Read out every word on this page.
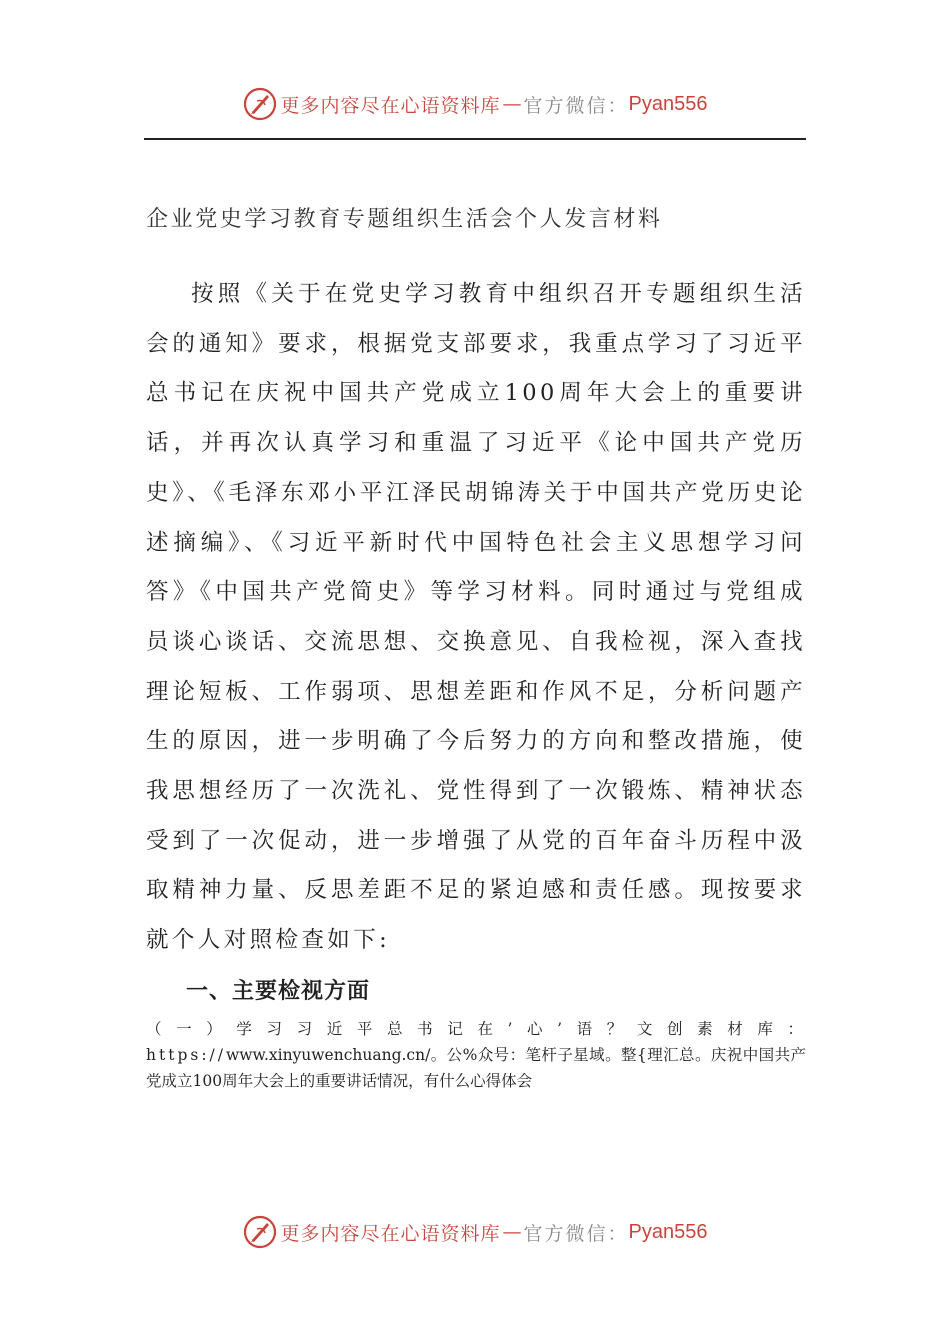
更多内容尽在心语资料库 — 官方微信： Pyan556
企业党史学习教育专题组织生活会个人发言材料

按照《关于在党史学习教育中组织召开专题组织生活会的通知》要求，根据党支部要求，我重点学习了习近平总书记在庆祝中国共产党成立100周年大会上的重要讲话，并再次认真学习和重温了习近平《论中国共产党历史》、《毛泽东邓小平江泽民胡锦涛关于中国共产党历史论述摘编》、《习近平新时代中国特色社会主义思想学习问答》《中国共产党简史》等学习材料。同时通过与党组成员谈心谈话、交流思想、交换意见、自我检视，深入查找理论短板、工作弱项、思想差距和作风不足，分析问题产生的原因，进一步明确了今后努力的方向和整改措施，使我思想经历了一次洗礼、党性得到了一次锻炼、精神状态受到了一次促动，进一步增强了从党的百年奋斗历程中汲取精神力量、反思差距不足的紧迫感和责任感。现按要求就个人对照检查如下:

一、主要检视方面

（一）学习习近平总书记在’心’语？文创素材库：https://www.xinyuwenchuang.cn/。公%众号：笔杆子星域。整{理汇总。庆祝中国共产党成立100周年大会上的重要讲话情况，有什么心得体会

更多内容尽在心语资料库 — 官方微信： Pyan556
